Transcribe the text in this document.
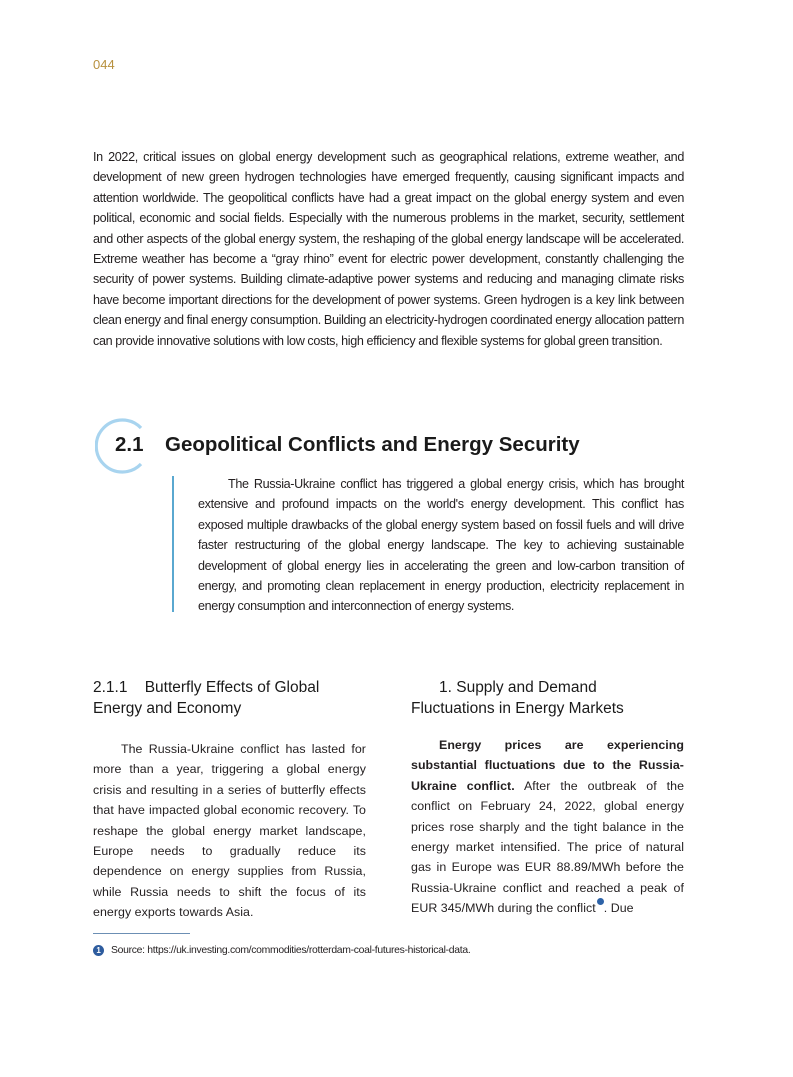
044

In 2022, critical issues on global energy development such as geographical relations, extreme weather, and development of new green hydrogen technologies have emerged frequently, causing significant impacts and attention worldwide. The geopolitical conflicts have had a great impact on the global energy system and even political, economic and social fields. Especially with the numerous problems in the market, security, settlement and other aspects of the global energy system, the reshaping of the global energy landscape will be accelerated. Extreme weather has become a “gray rhino” event for electric power development, constantly challenging the security of power systems. Building climate-adaptive power systems and reducing and managing climate risks have become important directions for the development of power systems. Green hydrogen is a key link between clean energy and final energy consumption. Building an electricity-hydrogen coordinated energy allocation pattern can provide innovative solutions with low costs, high efficiency and flexible systems for global green transition.

2.1 Geopolitical Conflicts and Energy Security

The Russia-Ukraine conflict has triggered a global energy crisis, which has brought extensive and profound impacts on the world's energy development. This conflict has exposed multiple drawbacks of the global energy system based on fossil fuels and will drive faster restructuring of the global energy landscape. The key to achieving sustainable development of global energy lies in accelerating the green and low-carbon transition of energy, and promoting clean replacement in energy production, electricity replacement in energy consumption and interconnection of energy systems.

2.1.1    Butterfly Effects of Global Energy and Economy

The Russia-Ukraine conflict has lasted for more than a year, triggering a global energy crisis and resulting in a series of butterfly effects that have impacted global economic recovery. To reshape the global energy market landscape, Europe needs to gradually reduce its dependence on energy supplies from Russia, while Russia needs to shift the focus of its energy exports towards Asia.

1. Supply and Demand Fluctuations in Energy Markets

Energy prices are experiencing substantial fluctuations due to the Russia-Ukraine conflict. After the outbreak of the conflict on February 24, 2022, global energy prices rose sharply and the tight balance in the energy market intensified. The price of natural gas in Europe was EUR 88.89/MWh before the Russia-Ukraine conflict and reached a peak of EUR 345/MWh during the conflict . Due

1	Source: https://uk.investing.com/commodities/rotterdam-coal-futures-historical-data.
